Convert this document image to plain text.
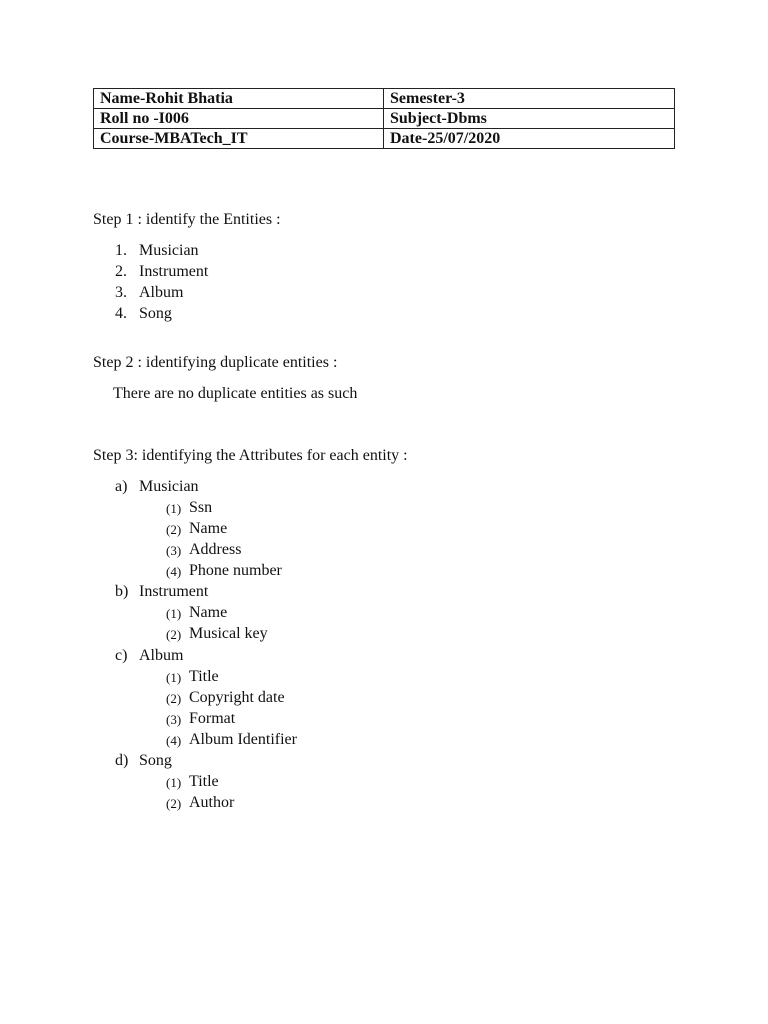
Name-Rohit Bhatia	Semester-3
Roll no -I006	Subject-Dbms
Course-MBATech_IT	Date-25/07/2020
Step 1 : identify the Entities :
1. Musician
2. Instrument
3. Album
4. Song
Step 2 : identifying duplicate entities :
There are no duplicate entities as such
Step 3: identifying the Attributes for each entity :
a) Musician
(1) Ssn
(2) Name
(3) Address
(4) Phone number
b) Instrument
(1) Name
(2) Musical key
c) Album
(1) Title
(2) Copyright date
(3) Format
(4) Album Identifier
d) Song
(1) Title
(2) Author
